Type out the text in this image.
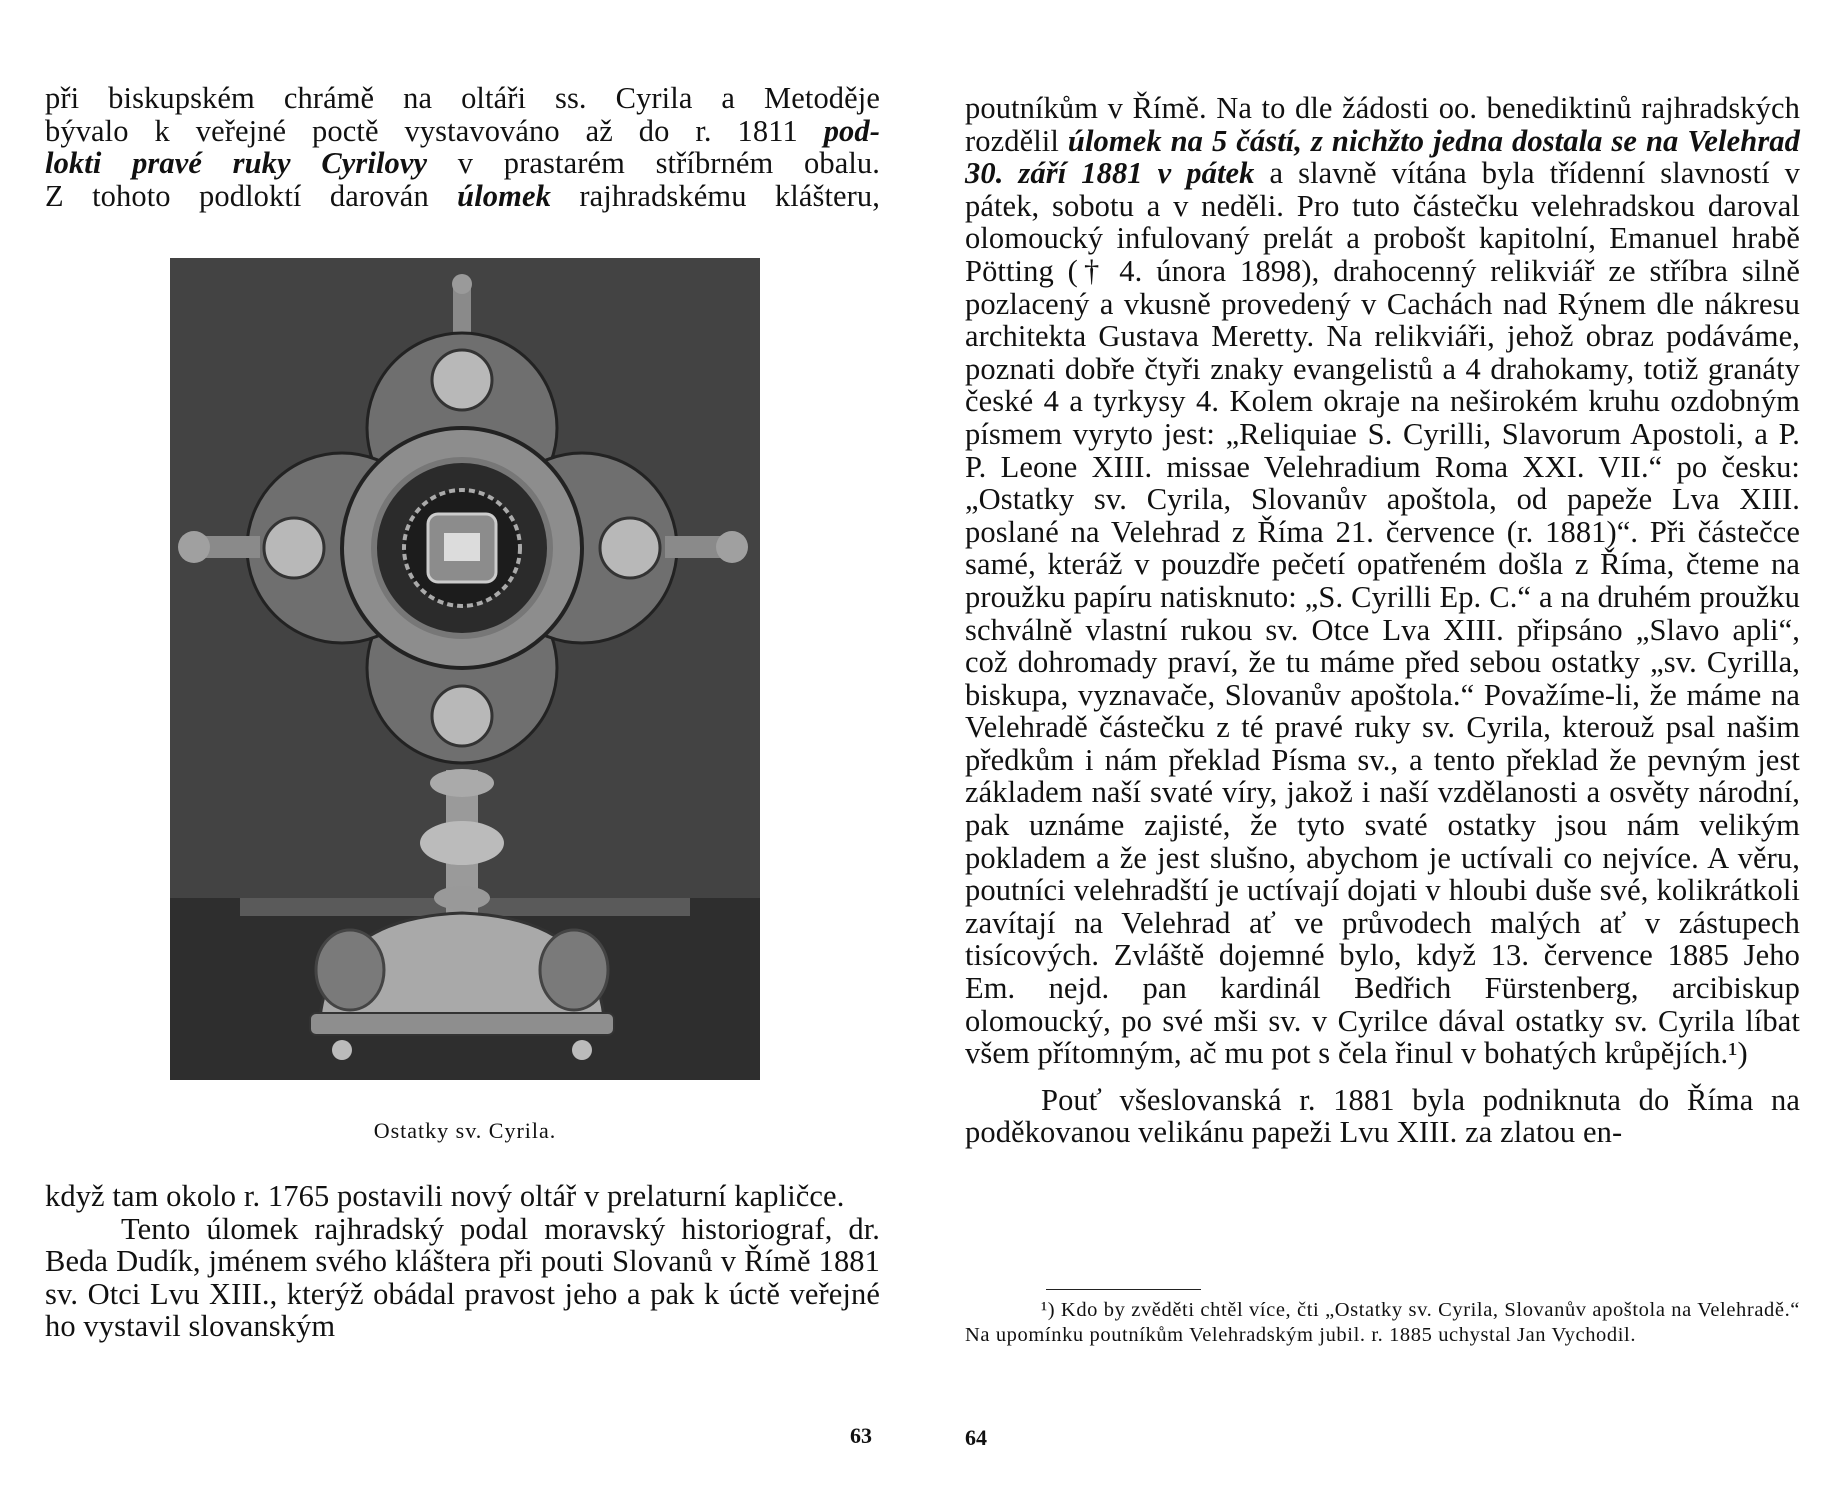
při biskupském chrámě na oltáři ss. Cyrila a Metoděje

bývalo k veřejné poctě vystavováno až do r. 1811 pod-

lokti pravé ruky Cyrilovy v prastarém stříbrném obalu.

Z tohoto podloktí darován úlomek rajhradskému klášteru,

Ostatky sv. Cyrila.

když tam okolo r. 1765 postavili nový oltář v prelaturní kapličce.

Tento úlomek rajhradský podal moravský historiograf, dr. Beda Dudík, jménem svého kláštera při pouti Slovanů v Římě 1881 sv. Otci Lvu XIII., kterýž obádal pravost jeho a pak k úctě veřejné ho vystavil slovanským

63

poutníkům v Římě. Na to dle žádosti oo. benediktinů rajhradských rozdělil úlomek na 5 částí, z nichžto jedna dostala se na Velehrad 30. září 1881 v pátek a slavně vítána byla třídenní slavností v pátek, sobotu a v neděli. Pro tuto částečku velehradskou daroval olomoucký infulovaný prelát a probošt kapitolní, Emanuel hrabě Pötting († 4. února 1898), drahocenný relikviář ze stříbra silně pozlacený a vkusně provedený v Cachách nad Rýnem dle nákresu architekta Gustava Meretty. Na relikviáři, jehož obraz podáváme, poznati dobře čtyři znaky evangelistů a 4 drahokamy, totiž granáty české 4 a tyrkysy 4. Kolem okraje na neširokém kruhu ozdobným písmem vyryto jest: „Reliquiae S. Cyrilli, Slavorum Apostoli, a P. P. Leone XIII. missae Velehradium Roma XXI. VII.“ po česku: „Ostatky sv. Cyrila, Slovanův apoštola, od papeže Lva XIII. poslané na Velehrad z Říma 21. července (r. 1881)“. Při částečce samé, kteráž v pouzdře pečetí opatřeném došla z Říma, čteme na proužku papíru natisknuto: „S. Cyrilli Ep. C.“ a na druhém proužku schválně vlastní rukou sv. Otce Lva XIII. připsáno „Slavo apli“, což dohromady praví, že tu máme před sebou ostatky „sv. Cyrilla, biskupa, vyznavače, Slovanův apoštola.“ Považíme-li, že máme na Velehradě částečku z té pravé ruky sv. Cyrila, kterouž psal našim předkům i nám překlad Písma sv., a tento překlad že pevným jest základem naší svaté víry, jakož i naší vzdělanosti a osvěty národní, pak uznáme zajisté, že tyto svaté ostatky jsou nám velikým pokladem a že jest slušno, abychom je uctívali co nejvíce. A věru, poutníci velehradští je uctívají dojati v hloubi duše své, kolikrátkoli zavítají na Velehrad ať ve průvodech malých ať v zástupech tisícových. Zvláště dojemné bylo, když 13. července 1885 Jeho Em. nejd. pan kardinál Bedřich Fürstenberg, arcibiskup olomoucký, po své mši sv. v Cyrilce dával ostatky sv. Cyrila líbat všem přítomným, ač mu pot s čela řinul v bohatých krůpějích.¹)

Pouť všeslovanská r. 1881 byla podniknuta do Říma na poděkovanou velikánu papeži Lvu XIII. za zlatou en-

¹) Kdo by zvěděti chtěl více, čti „Ostatky sv. Cyrila, Slovanův apoštola na Velehradě.“ Na upomínku poutníkům Velehradským jubil. r. 1885 uchystal Jan Vychodil.

64
